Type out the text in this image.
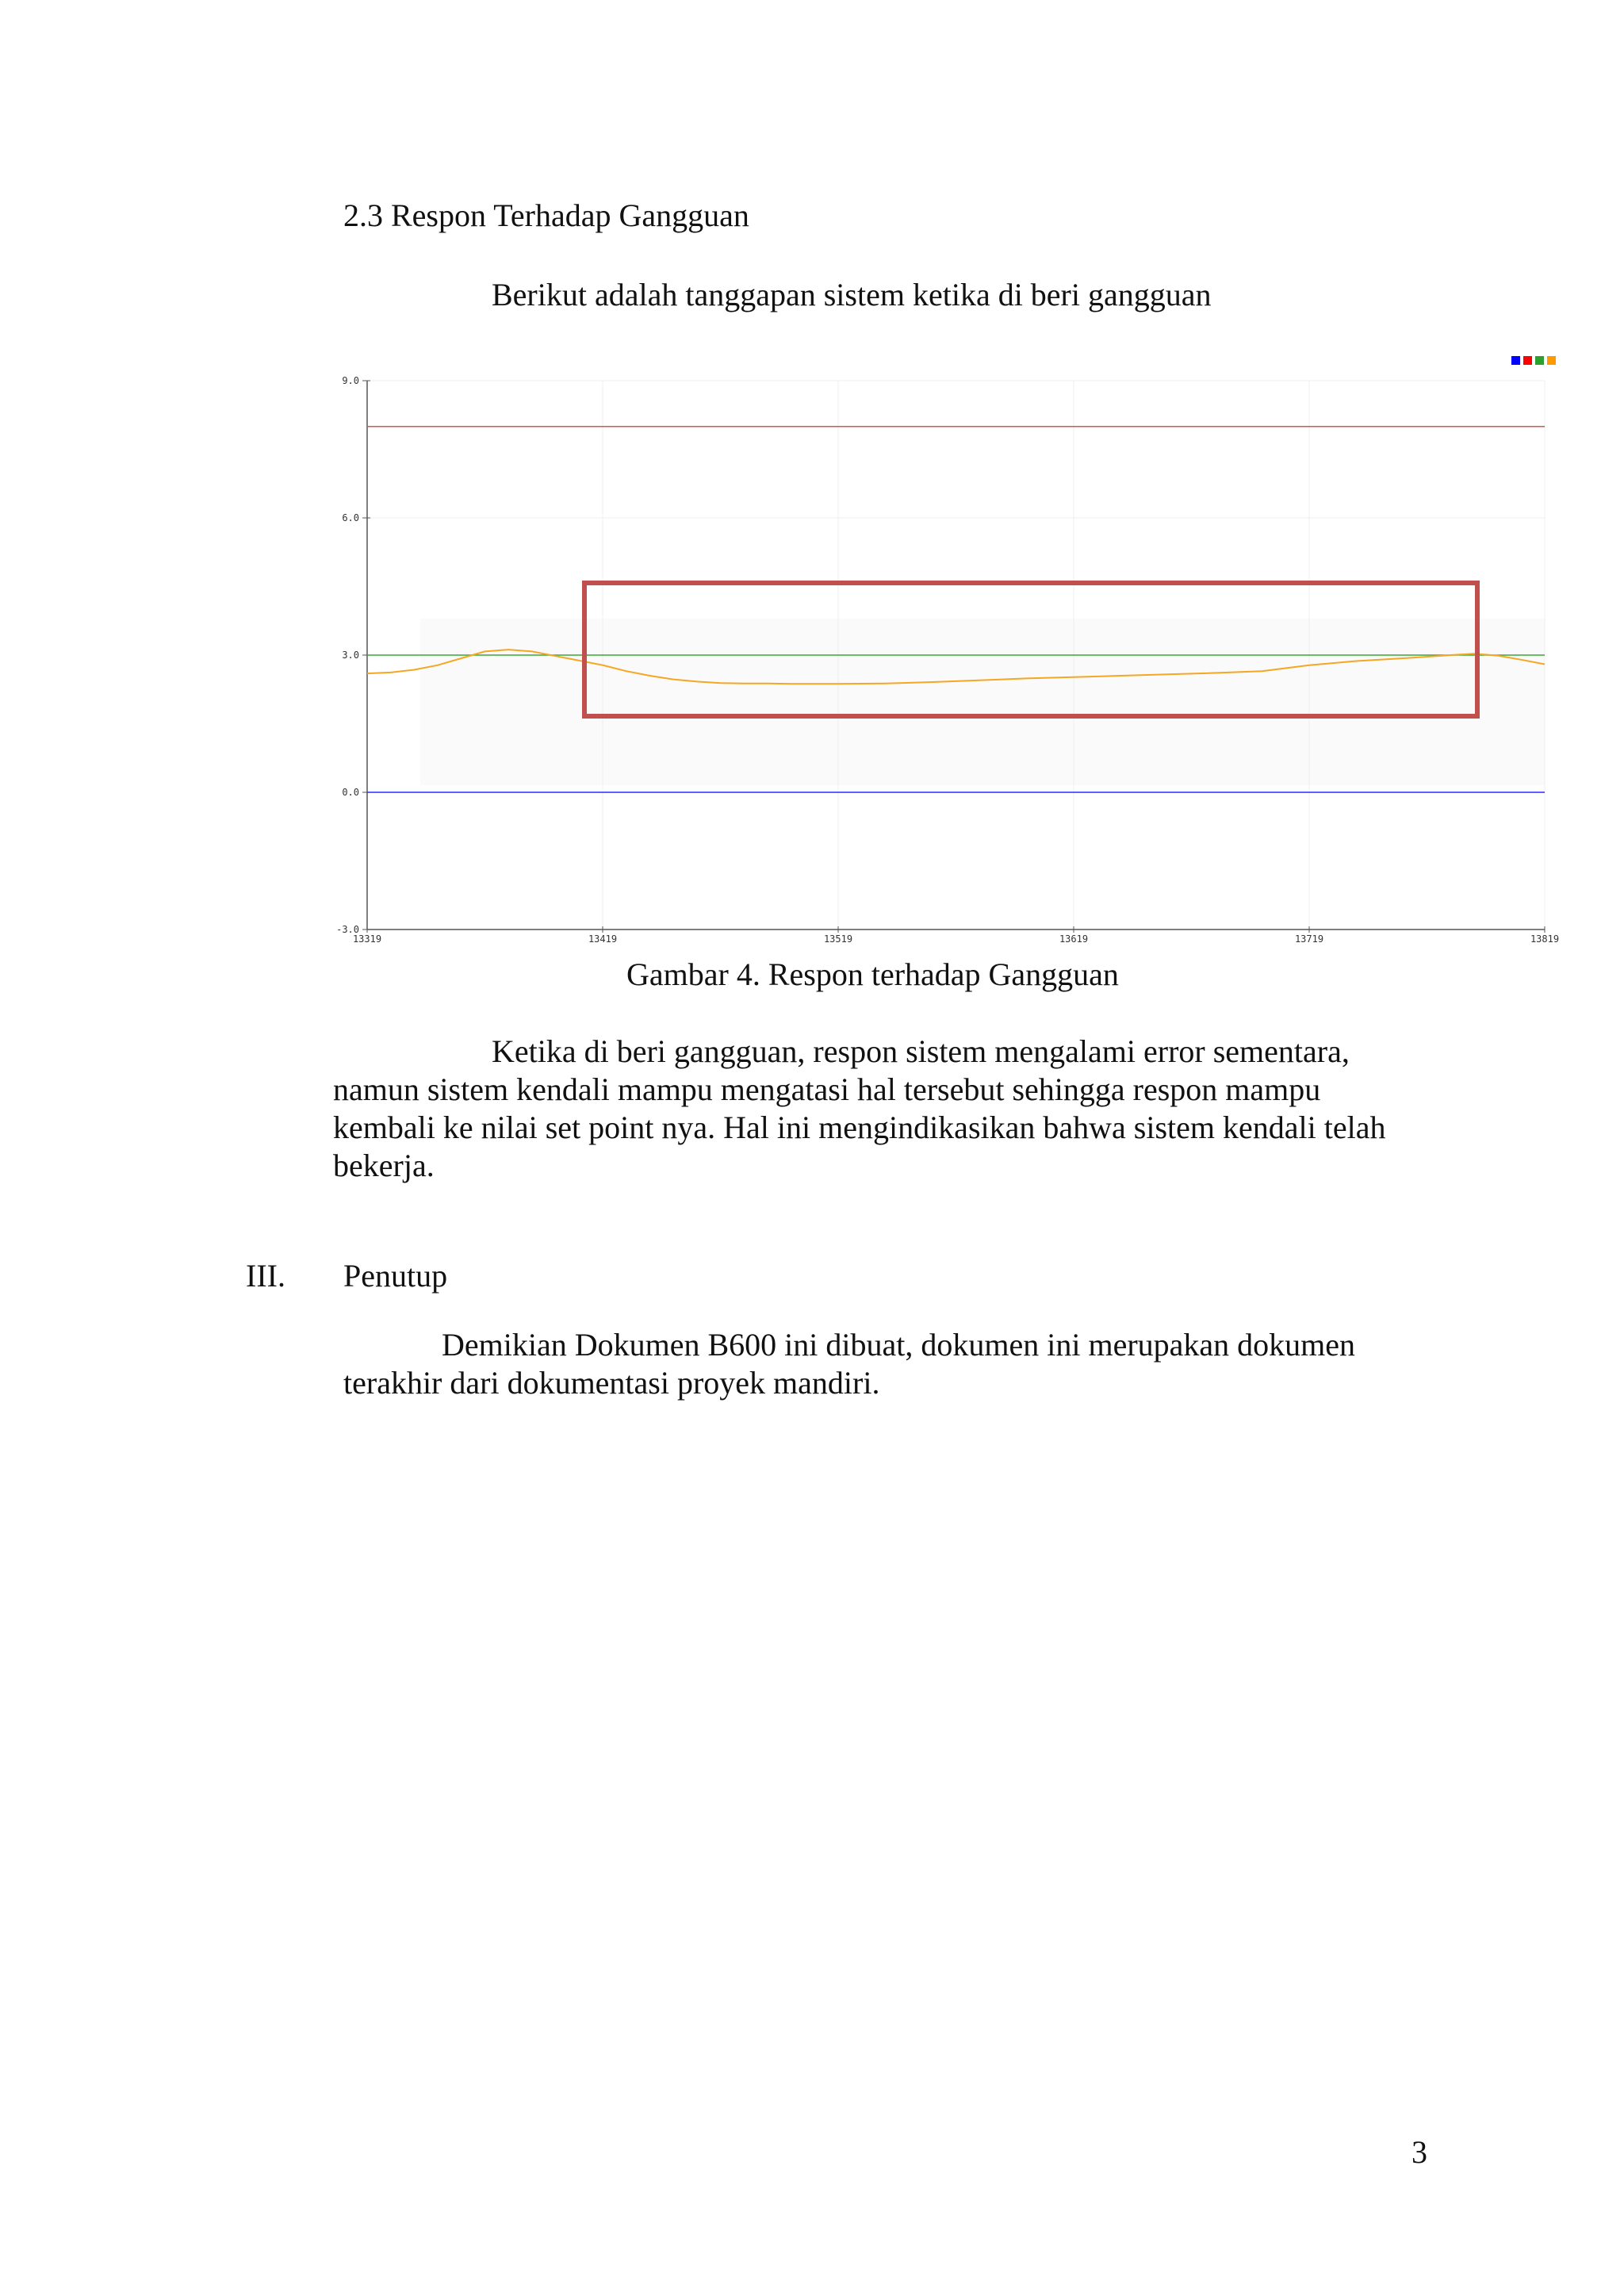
2.3 Respon Terhadap Gangguan

Berikut adalah tanggapan sistem ketika di beri gangguan

-3.0
0.0
3.0
6.0
9.0
13319	13419	13519	13619	13719	13819

Gambar 4. Respon terhadap Gangguan

Ketika di beri gangguan, respon sistem mengalami error sementara,
namun sistem kendali mampu mengatasi hal tersebut sehingga respon mampu
kembali ke nilai set point nya. Hal ini mengindikasikan bahwa sistem kendali telah
bekerja.

III. Penutup

Demikian Dokumen B600 ini dibuat, dokumen ini merupakan dokumen
terakhir dari dokumentasi proyek mandiri.

3
